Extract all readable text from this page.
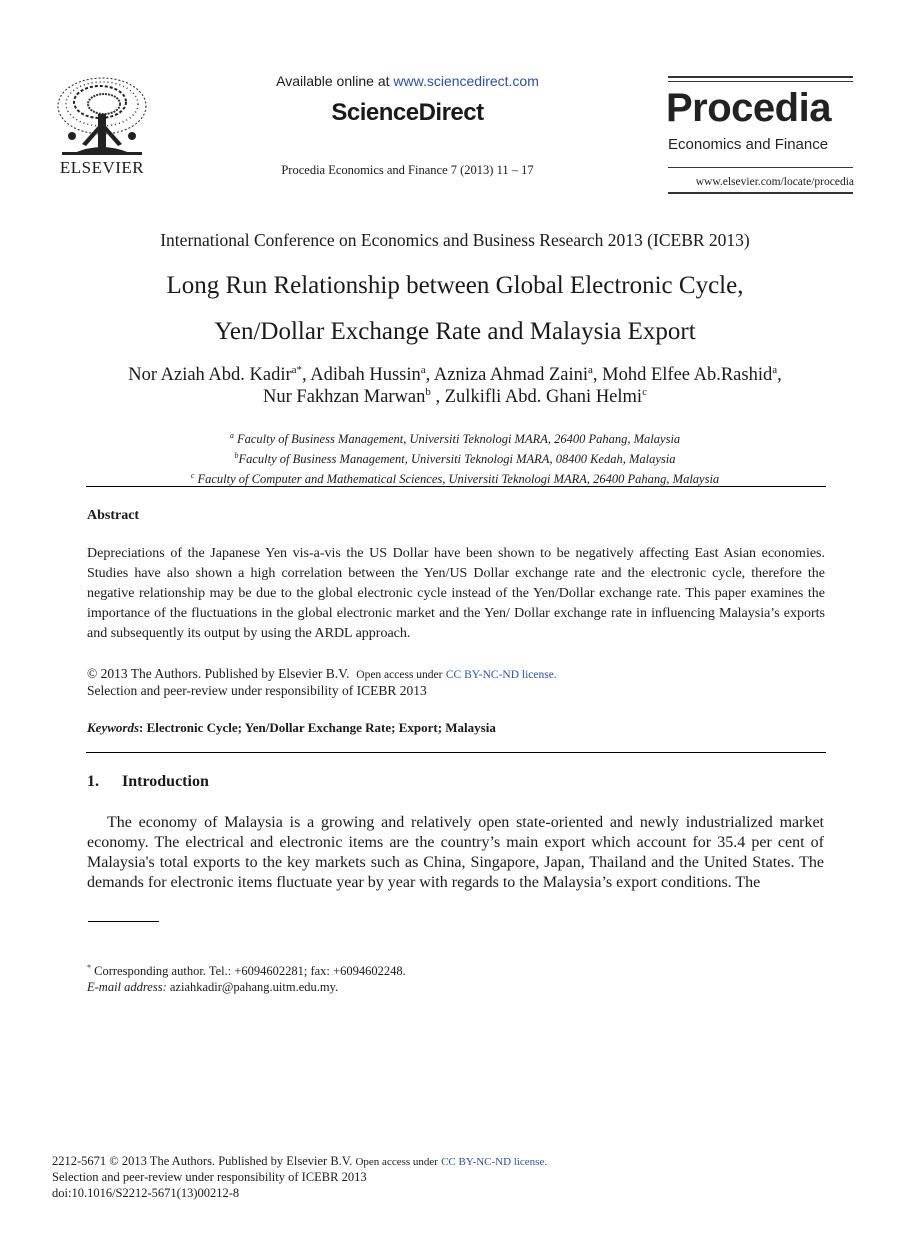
ELSEVIER
Available online at www.sciencedirect.com
ScienceDirect
Procedia Economics and Finance 7 (2013) 11 – 17
Procedia
Economics and Finance
www.elsevier.com/locate/procedia
International Conference on Economics and Business Research 2013 (ICEBR 2013)
Long Run Relationship between Global Electronic Cycle,
Yen/Dollar Exchange Rate and Malaysia Export
Nor Aziah Abd. Kadir$^{a*}$, Adibah Hussin$^a$, Azniza Ahmad Zaini$^a$, Mohd Elfee Ab.Rashid$^a$,
Nur Fakhzan Marwan$^b$ , Zulkifli Abd. Ghani Helmi$^c$
$^a$ Faculty of Business Management, Universiti Teknologi MARA, 26400 Pahang, Malaysia
$^b$Faculty of Business Management, Universiti Teknologi MARA, 08400 Kedah, Malaysia
$^c$ Faculty of Computer and Mathematical Sciences, Universiti Teknologi MARA, 26400 Pahang, Malaysia
Abstract
Depreciations of the Japanese Yen vis-a-vis the US Dollar have been shown to be negatively affecting East Asian economies. Studies have also shown a high correlation between the Yen/US Dollar exchange rate and the electronic cycle, therefore the negative relationship may be due to the global electronic cycle instead of the Yen/Dollar exchange rate. This paper examines the importance of the fluctuations in the global electronic market and the Yen/ Dollar exchange rate in influencing Malaysia’s exports and subsequently its output by using the ARDL approach.
© 2013 The Authors. Published by Elsevier B.V. Open access under CC BY-NC-ND license.
Selection and peer-review under responsibility of ICEBR 2013
Keywords: Electronic Cycle; Yen/Dollar Exchange Rate; Export; Malaysia
1. Introduction
The economy of Malaysia is a growing and relatively open state-oriented and newly industrialized market economy. The electrical and electronic items are the country’s main export which account for 35.4 per cent of Malaysia's total exports to the key markets such as China, Singapore, Japan, Thailand and the United States. The demands for electronic items fluctuate year by year with regards to the Malaysia’s export conditions. The
* Corresponding author. Tel.: +6094602281; fax: +6094602248.
E-mail address: aziahkadir@pahang.uitm.edu.my.
2212-5671 © 2013 The Authors. Published by Elsevier B.V. Open access under CC BY-NC-ND license.
Selection and peer-review under responsibility of ICEBR 2013
doi:10.1016/S2212-5671(13)00212-8
